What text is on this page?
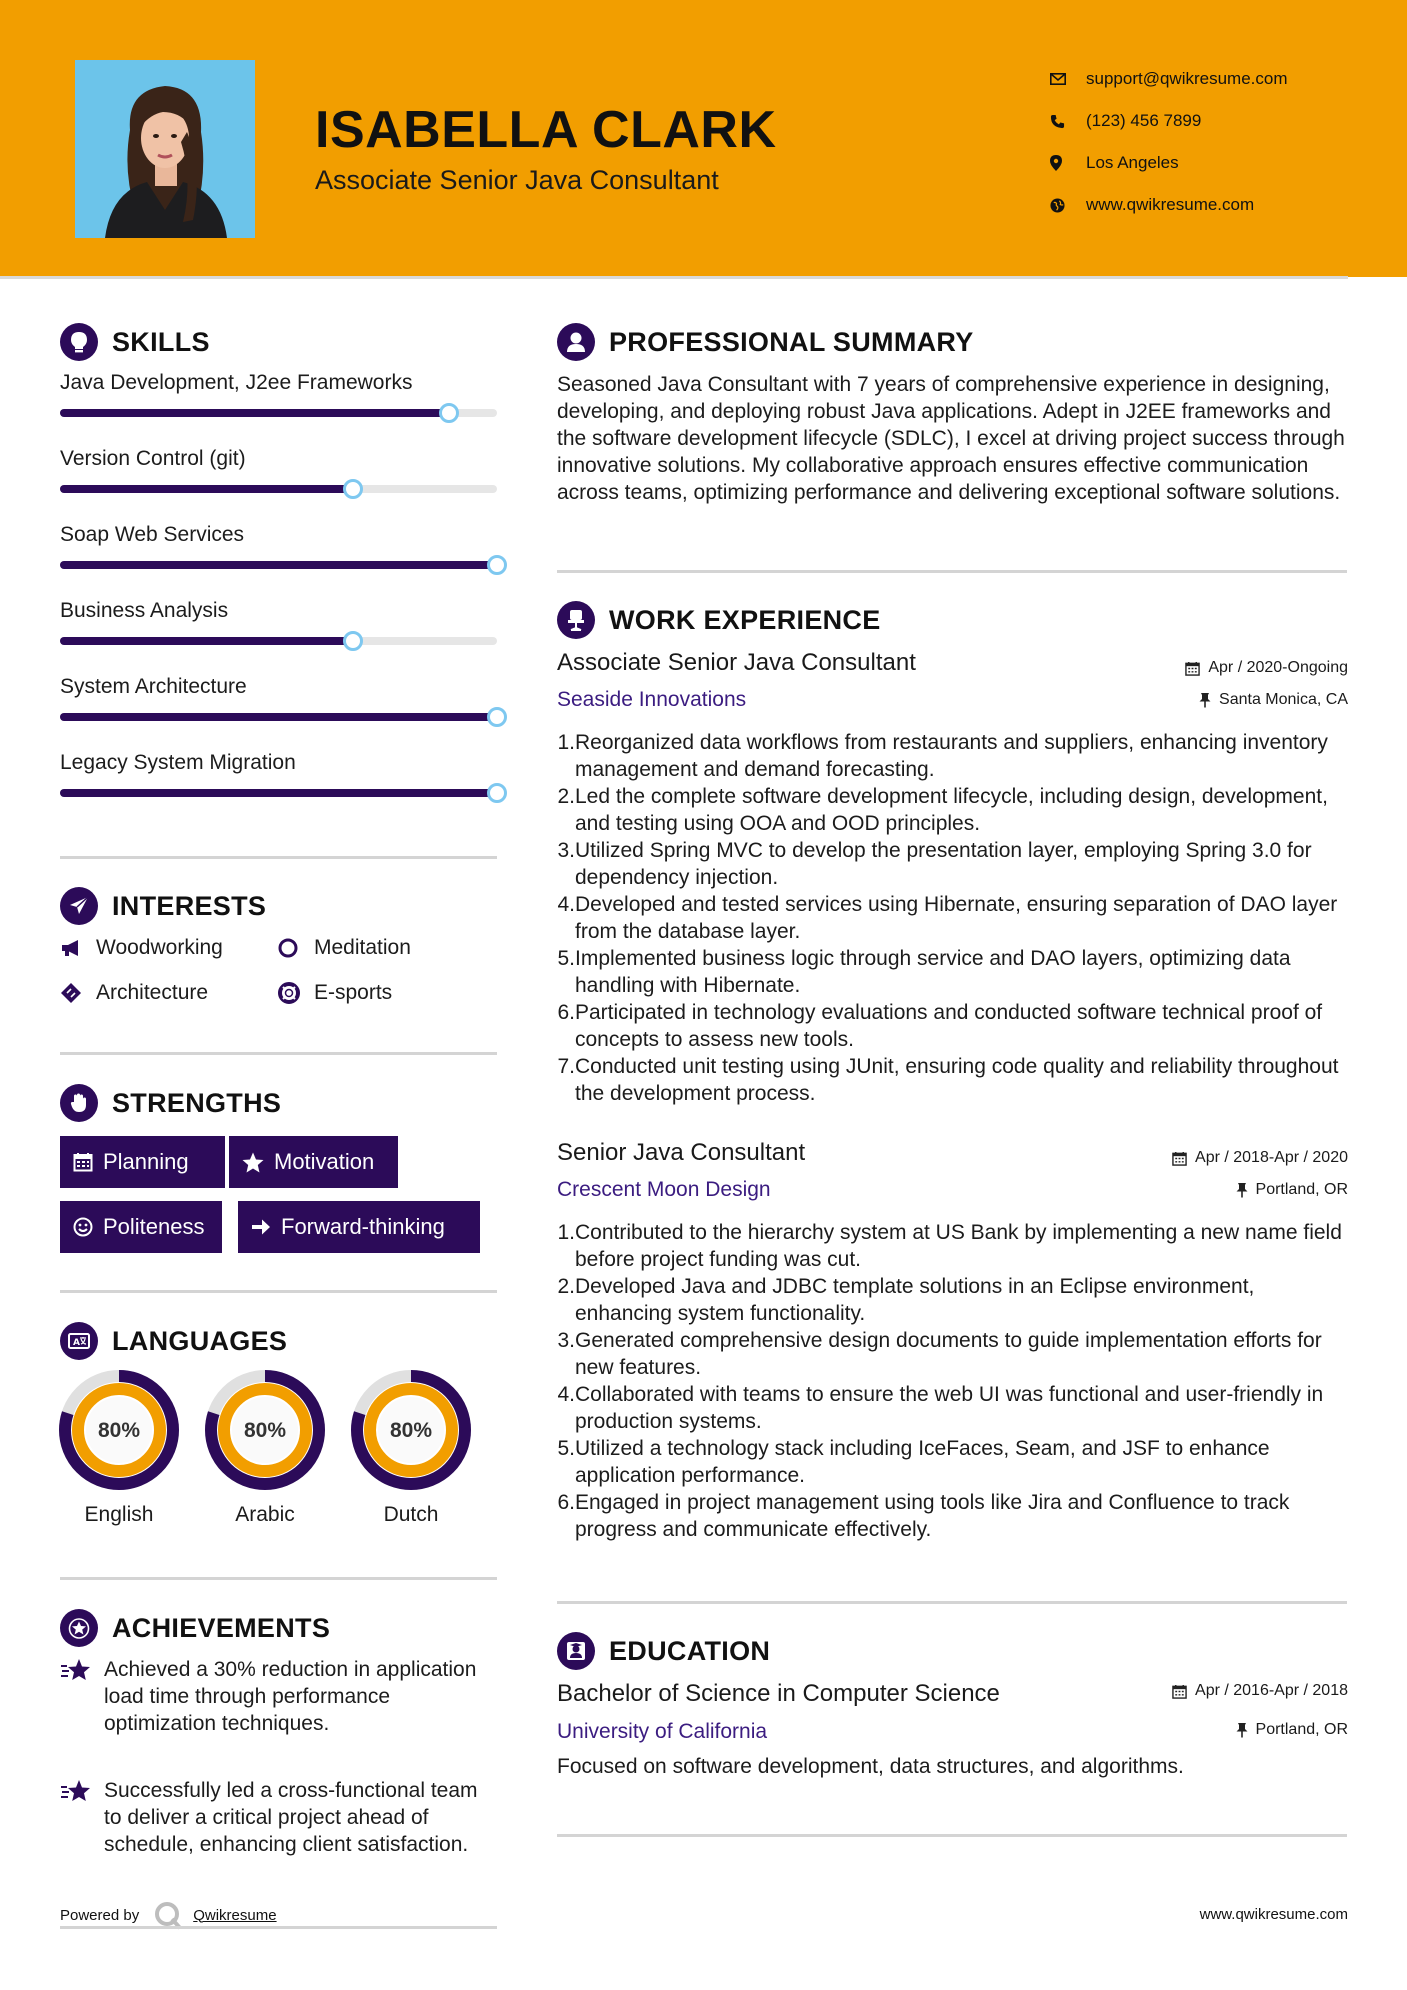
ISABELLA CLARK
Associate Senior Java Consultant
support@qwikresume.com
(123) 456 7899
Los Angeles
www.qwikresume.com
SKILLS
Java Development, J2ee Frameworks
Version Control (git)
Soap Web Services
Business Analysis
System Architecture
Legacy System Migration
INTERESTS
Woodworking	Meditation
Architecture	E-sports
STRENGTHS
Planning	Motivation
Politeness	Forward-thinking
A LANGUAGES
80%
English
80%
Arabic
80%
Dutch
ACHIEVEMENTS
Achieved a 30% reduction in application load time through performance optimization techniques.
Successfully led a cross-functional team to deliver a critical project ahead of schedule, enhancing client satisfaction.
Powered by	Qwikresume
PROFESSIONAL SUMMARY
Seasoned Java Consultant with 7 years of comprehensive experience in designing, developing, and deploying robust Java applications. Adept in J2EE frameworks and the software development lifecycle (SDLC), I excel at driving project success through innovative solutions. My collaborative approach ensures effective communication across teams, optimizing performance and delivering exceptional software solutions.
WORK EXPERIENCE
Associate Senior Java Consultant	Apr / 2020-Ongoing
Seaside Innovations	Santa Monica, CA
1. Reorganized data workflows from restaurants and suppliers, enhancing inventory management and demand forecasting.
2. Led the complete software development lifecycle, including design, development, and testing using OOA and OOD principles.
3. Utilized Spring MVC to develop the presentation layer, employing Spring 3.0 for dependency injection.
4. Developed and tested services using Hibernate, ensuring separation of DAO layer from the database layer.
5. Implemented business logic through service and DAO layers, optimizing data handling with Hibernate.
6. Participated in technology evaluations and conducted software technical proof of concepts to assess new tools.
7. Conducted unit testing using JUnit, ensuring code quality and reliability throughout the development process.
Senior Java Consultant	Apr / 2018-Apr / 2020
Crescent Moon Design	Portland, OR
1. Contributed to the hierarchy system at US Bank by implementing a new name field before project funding was cut.
2. Developed Java and JDBC template solutions in an Eclipse environment, enhancing system functionality.
3. Generated comprehensive design documents to guide implementation efforts for new features.
4. Collaborated with teams to ensure the web UI was functional and user-friendly in production systems.
5. Utilized a technology stack including IceFaces, Seam, and JSF to enhance application performance.
6. Engaged in project management using tools like Jira and Confluence to track progress and communicate effectively.
EDUCATION
Bachelor of Science in Computer Science	Apr / 2016-Apr / 2018
University of California	Portland, OR
Focused on software development, data structures, and algorithms.
www.qwikresume.com
